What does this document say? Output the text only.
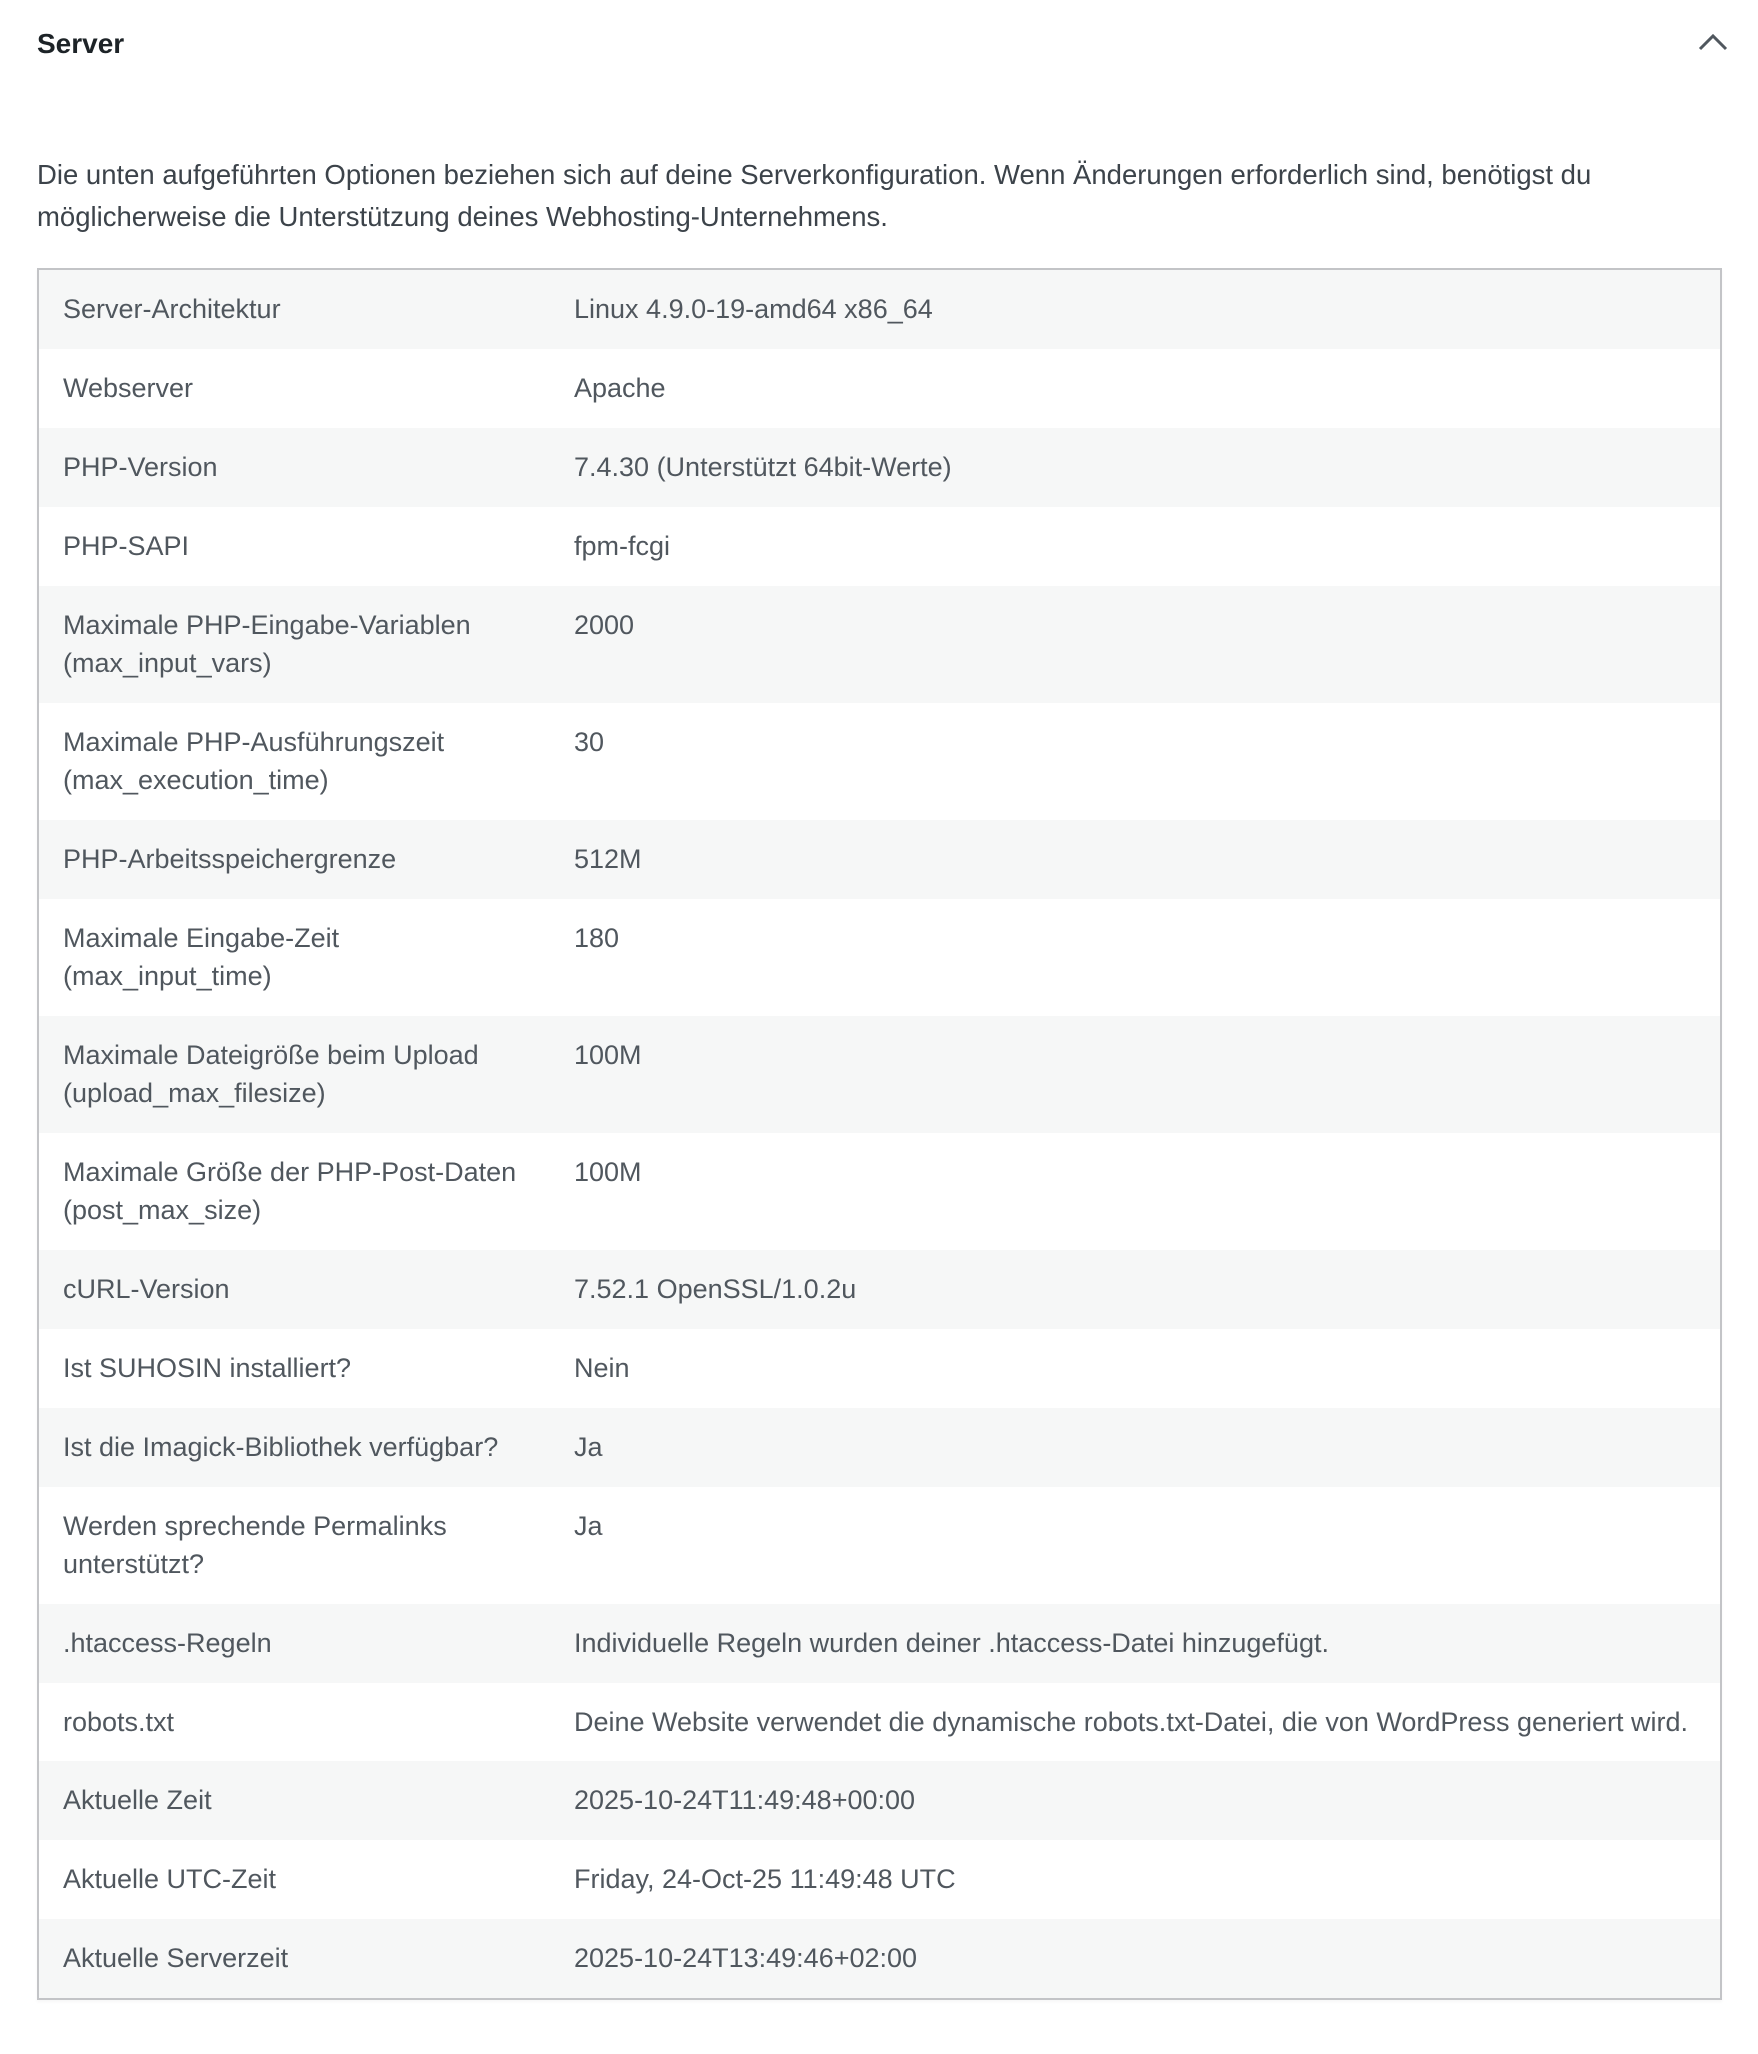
Server

Die unten aufgeführten Optionen beziehen sich auf deine Serverkonfiguration. Wenn Änderungen erforderlich sind, benötigst du möglicherweise die Unterstützung deines Webhosting-Unternehmens.

Server-Architektur	Linux 4.9.0-19-amd64 x86_64
Webserver	Apache
PHP-Version	7.4.30 (Unterstützt 64bit-Werte)
PHP-SAPI	fpm-fcgi
Maximale PHP-Eingabe-Variablen (max_input_vars)	2000
Maximale PHP-Ausführungszeit (max_execution_time)	30
PHP-Arbeitsspeichergrenze	512M
Maximale Eingabe-Zeit (max_input_time)	180
Maximale Dateigröße beim Upload (upload_max_filesize)	100M
Maximale Größe der PHP-Post-Daten (post_max_size)	100M
cURL-Version	7.52.1 OpenSSL/1.0.2u
Ist SUHOSIN installiert?	Nein
Ist die Imagick-Bibliothek verfügbar?	Ja
Werden sprechende Permalinks unterstützt?	Ja
.htaccess-Regeln	Individuelle Regeln wurden deiner .htaccess-Datei hinzugefügt.
robots.txt	Deine Website verwendet die dynamische robots.txt-Datei, die von WordPress generiert wird.
Aktuelle Zeit	2025-10-24T11:49:48+00:00
Aktuelle UTC-Zeit	Friday, 24-Oct-25 11:49:48 UTC
Aktuelle Serverzeit	2025-10-24T13:49:46+02:00
